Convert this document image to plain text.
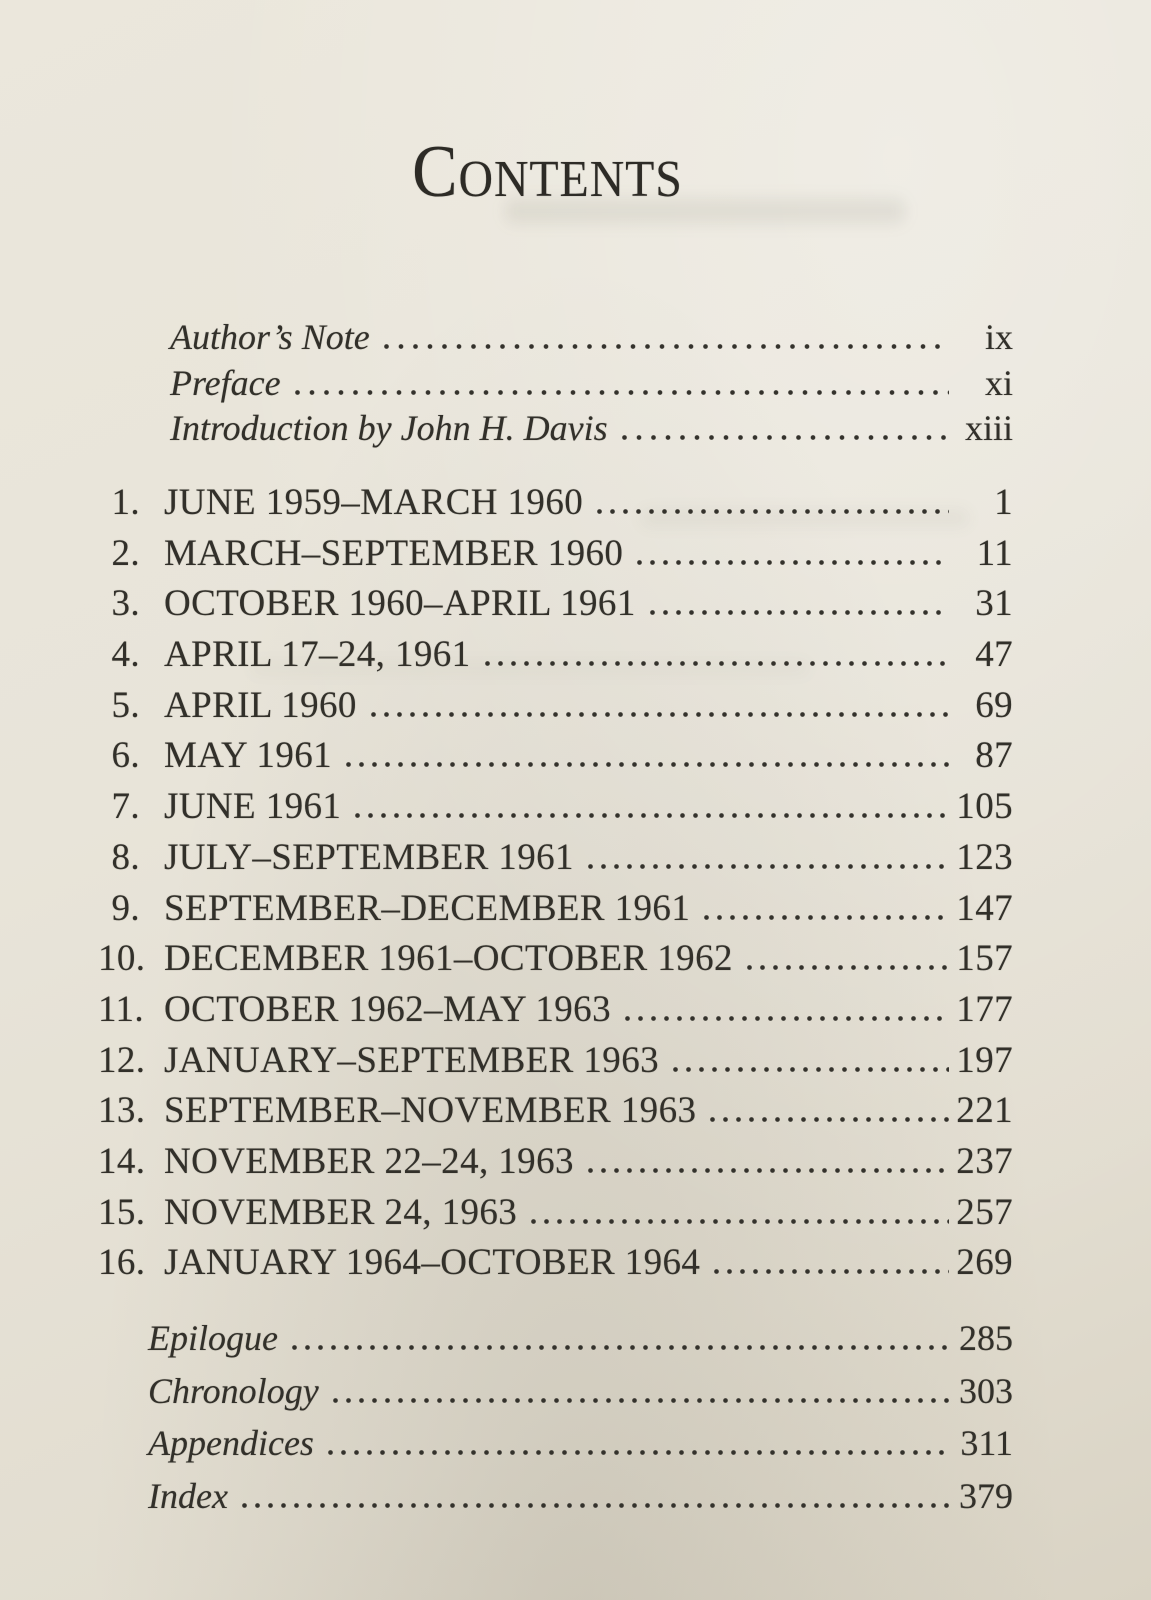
Contents
Author’s Note	ix
Preface	xi
Introduction by John H. Davis	xiii
1. JUNE 1959–MARCH 1960	1
2. MARCH–SEPTEMBER 1960	11
3. OCTOBER 1960–APRIL 1961	31
4. APRIL 17–24, 1961	47
5. APRIL 1960	69
6. MAY 1961	87
7. JUNE 1961	105
8. JULY–SEPTEMBER 1961	123
9. SEPTEMBER–DECEMBER 1961	147
10. DECEMBER 1961–OCTOBER 1962	157
11. OCTOBER 1962–MAY 1963	177
12. JANUARY–SEPTEMBER 1963	197
13. SEPTEMBER–NOVEMBER 1963	221
14. NOVEMBER 22–24, 1963	237
15. NOVEMBER 24, 1963	257
16. JANUARY 1964–OCTOBER 1964	269
Epilogue	285
Chronology	303
Appendices	311
Index	379
